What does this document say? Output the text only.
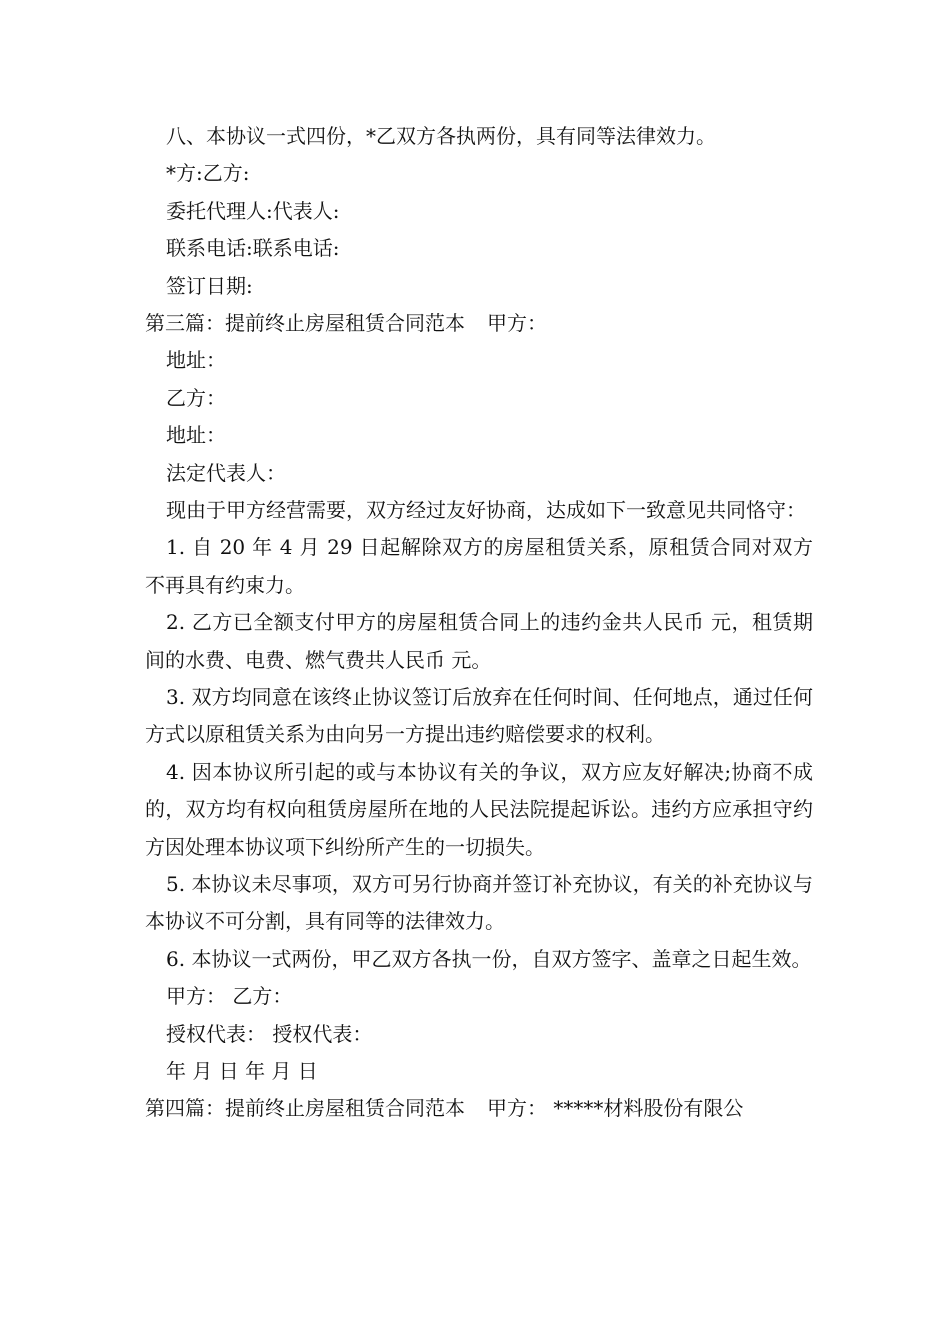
八、本协议一式四份，*乙双方各执两份，具有同等法律效力。
*方:乙方:
委托代理人:代表人:
联系电话:联系电话:
签订日期:
第三篇：提前终止房屋租赁合同范本 甲方：
地址：
乙方：
地址：
法定代表人：
现由于甲方经营需要，双方经过友好协商，达成如下一致意见共同恪守：
1. 自 20 年 4 月 29 日起解除双方的房屋租赁关系，原租赁合同对双方不再具有约束力。
2. 乙方已全额支付甲方的房屋租赁合同上的违约金共人民币 元，租赁期间的水费、电费、燃气费共人民币 元。
3. 双方均同意在该终止协议签订后放弃在任何时间、任何地点，通过任何方式以原租赁关系为由向另一方提出违约赔偿要求的权利。
4. 因本协议所引起的或与本协议有关的争议，双方应友好解决;协商不成的，双方均有权向租赁房屋所在地的人民法院提起诉讼。违约方应承担守约方因处理本协议项下纠纷所产生的一切损失。
5. 本协议未尽事项，双方可另行协商并签订补充协议，有关的补充协议与本协议不可分割，具有同等的法律效力。
6. 本协议一式两份，甲乙双方各执一份，自双方签字、盖章之日起生效。
甲方： 乙方：
授权代表： 授权代表：
年 月 日 年 月 日
第四篇：提前终止房屋租赁合同范本 甲方： *****材料股份有限公
